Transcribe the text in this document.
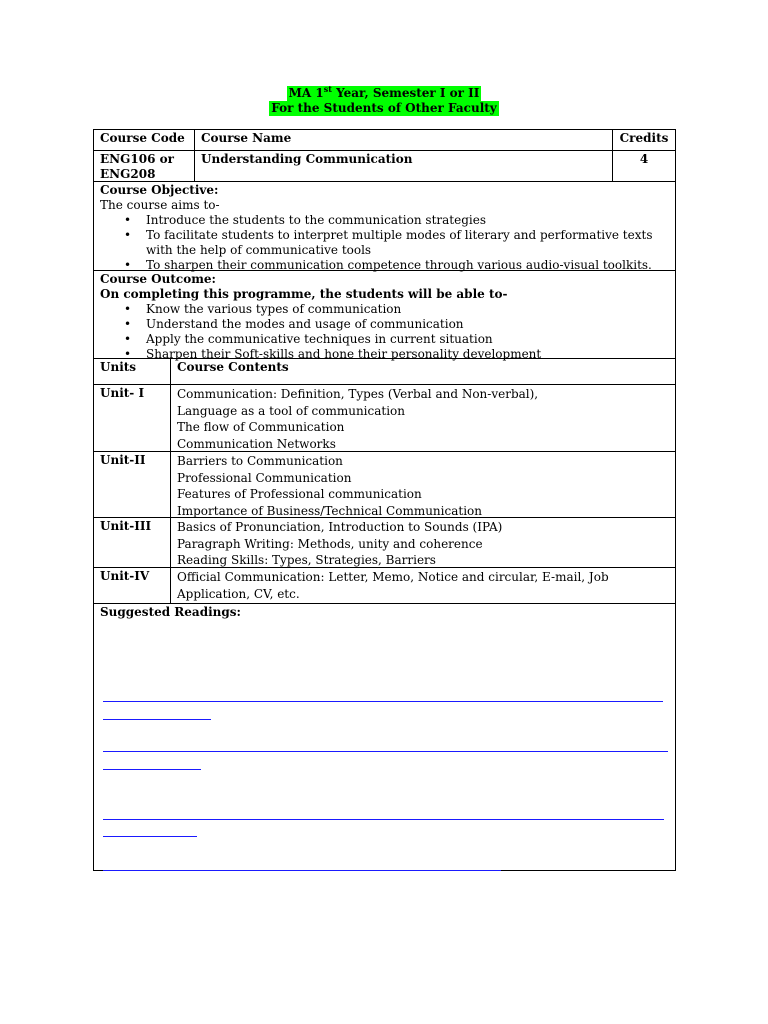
MA 1st Year, Semester I or II
For the Students of Other Faculty
Course Code	Course Name	Credits
ENG106 or
ENG208
Understanding Communication	4
Course Objective:
The course aims to-
• Introduce the students to the communication strategies
• To facilitate students to interpret multiple modes of literary and performative texts with the help of communicative tools
• To sharpen their communication competence through various audio-visual toolkits.
Course Outcome:
On completing this programme, the students will be able to-
• Know the various types of communication
• Understand the modes and usage of communication
• Apply the communicative techniques in current situation
• Sharpen their Soft-skills and hone their personality development
Units	Course Contents
Unit- I	Communication: Definition, Types (Verbal and Non-verbal),
Language as a tool of communication
The flow of Communication
Communication Networks
Unit-II	Barriers to Communication
Professional Communication
Features of Professional communication
Importance of Business/Technical Communication
Unit-III	Basics of Pronunciation, Introduction to Sounds (IPA)
Paragraph Writing: Methods, unity and coherence
Reading Skills: Types, Strategies, Barriers
Unit-IV	Official Communication: Letter, Memo, Notice and circular, E-mail, Job
Application, CV, etc.
Suggested Readings:
